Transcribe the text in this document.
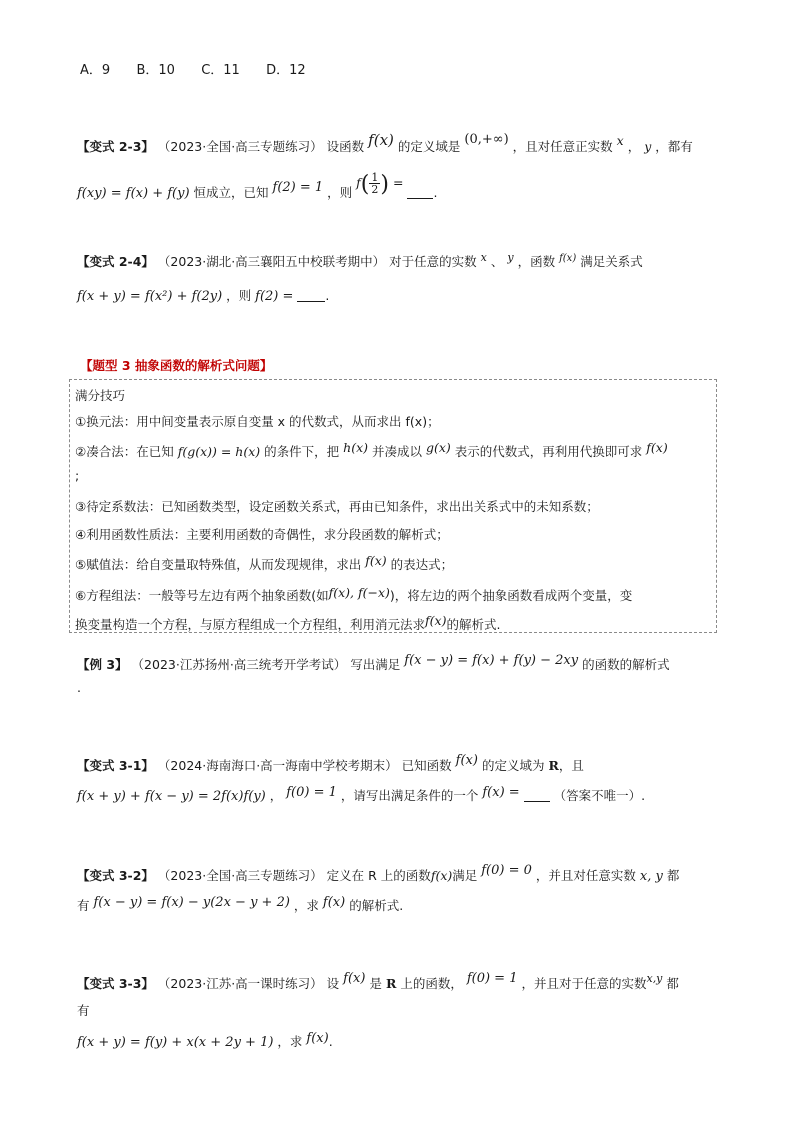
A．9 B．10 C．11 D．12
【变式 2-3】 （2023·全国·高三专题练习） 设函数 f(x) 的定义域是 (0,+∞) ，且对任意正实数 x ， y ，都有
f(xy) = f(x) + f(y) 恒成立，已知 f(2) = 1 ，则 $f( \frac{1}{2}$ ) = .
【变式 2-4】 （2023·湖北·高三襄阳五中校联考期中） 对于任意的实数 x 、 y ，函数 $^{f(x)}$ 满足关系式
f(x + y) = f(x²) + f(2y) ，则 f(2) =	.
【题型 3 抽象函数的解析式问题】
满分技巧
①换元法：用中间变量表示原自变量 x 的代数式，从而求出 f(x)；
②凑合法：在已知 f(g(x)) = h(x) 的条件下，把 h(x) 并凑成以 g(x) 表示的代数式，再利用代换即可求 f(x)
;
③待定系数法：已知函数类型，设定函数关系式，再由已知条件，求出出关系式中的未知系数；
④利用函数性质法：主要利用函数的奇偶性，求分段函数的解析式；
⑤赋值法：给自变量取特殊值，从而发现规律，求出 f(x) 的表达式；
⑥方程组法：一般等号左边有两个抽象函数(如f(x), f(−x))，将左边的两个抽象函数看成两个变量，变
换变量构造一个方程，与原方程组成一个方程组，利用消元法求f(x)的解析式.
【例 3】 （2023·江苏扬州·高三统考开学考试） 写出满足 f(x − y) = f(x) + f(y) − 2xy 的函数的解析式
.
【变式 3-1】 （2024·海南海口·高一海南中学校考期末） 已知函数 f(x) 的定义域为 R，且
f(x + y) + f(x − y) = 2f(x)f(y) ， f(0) = 1 ，请写出满足条件的一个 f(x) =	（答案不唯一）.
【变式 3-2】 （2023·全国·高三专题练习） 定义在 R 上的函数f(x)满足 f(0) = 0 ，并且对任意实数 x, y 都
有 f(x − y) = f(x) − y(2x − y + 2) ，求 f(x) 的解析式.
【变式 3-3】 （2023·江苏·高一课时练习） 设 f(x) 是 R 上的函数， f(0) = 1 ，并且对于任意的实数x,y 都
有
f(x + y) = f(y) + x(x + 2y + 1) ，求 f(x).
